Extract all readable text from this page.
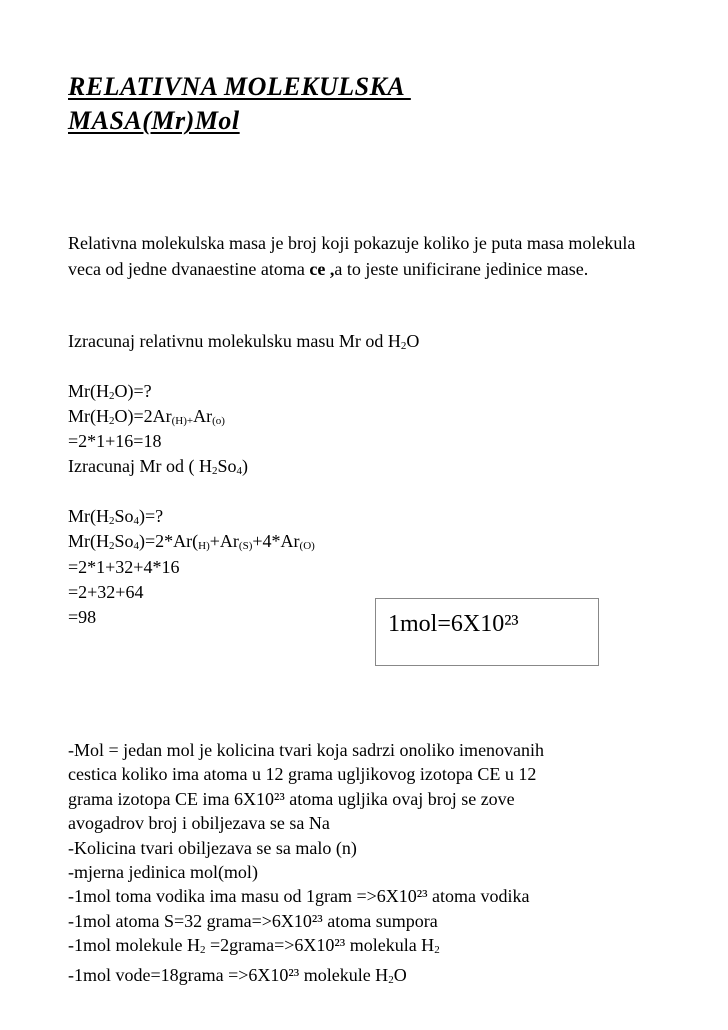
RELATIVNA MOLEKULSKA
MASA(Mr)Mol
Relativna molekulska masa je broj koji pokazuje koliko je puta masa molekula veca od jedne dvanaestine atoma ce ,a to jeste unificirane jedinice mase.
Izracunaj relativnu molekulsku masu Mr od H2O
Mr(H2O)=?
Mr(H2O)=2Ar(H)+Ar(o)
=2*1+16=18
Izracunaj Mr od ( H2So4)
Mr(H2So4)=?
Mr(H2So4)=2*Ar(H)+Ar(S)+4*Ar(O)
=2*1+32+4*16
=2+32+64
=98	1mol=6X10²³
-Mol = jedan mol je kolicina tvari koja sadrzi onoliko imenovanih
cestica koliko ima atoma u 12 grama ugljikovog izotopa CE u 12
grama izotopa CE ima 6X10²³ atoma ugljika ovaj broj se zove
avogadrov broj i obiljezava se sa Na
-Kolicina tvari obiljezava se sa malo (n)
-mjerna jedinica mol(mol)
-1mol toma vodika ima masu od 1gram =>6X10²³ atoma vodika
-1mol atoma S=32 grama=>6X10²³ atoma sumpora
-1mol molekule H2 =2grama=>6X10²³ molekula H2
-1mol vode=18grama =>6X10²³ molekule H2O
